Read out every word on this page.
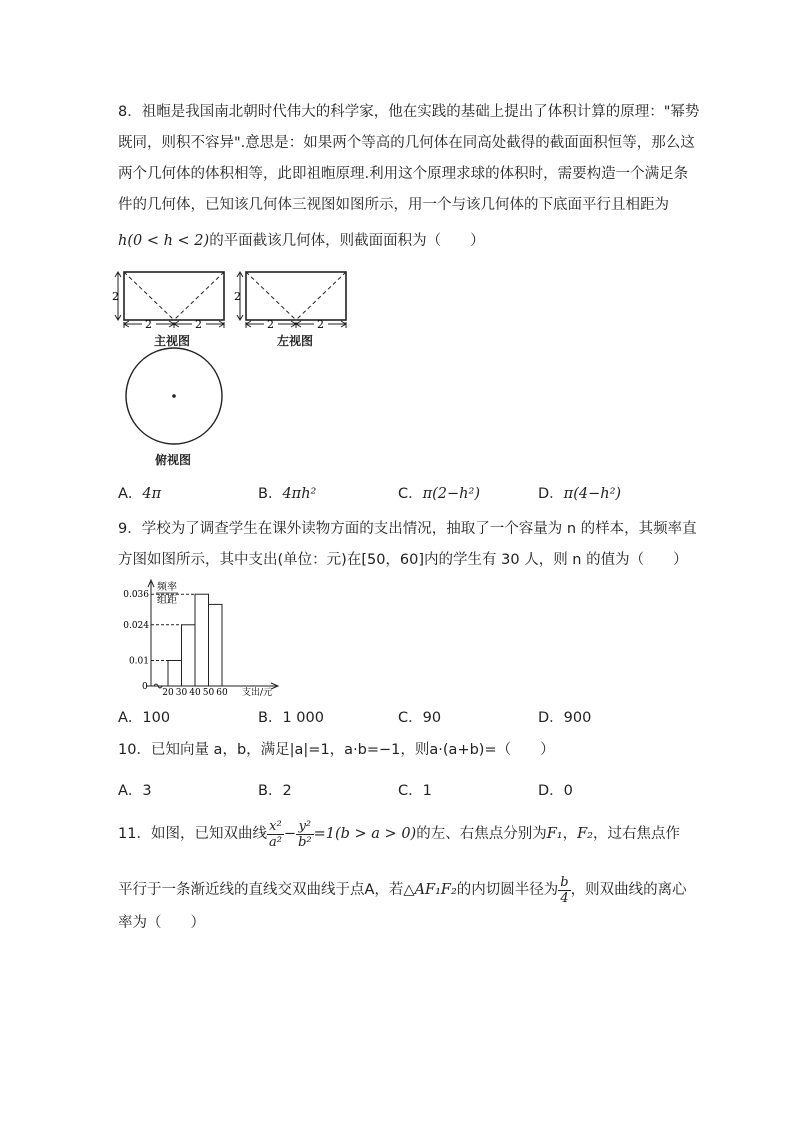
8．祖暅是我国南北朝时代伟大的科学家，他在实践的基础上提出了体积计算的原理："幂势
既同，则积不容异".意思是：如果两个等高的几何体在同高处截得的截面面积恒等，那么这
两个几何体的体积相等，此即祖暅原理.利用这个原理求球的体积时，需要构造一个满足条
件的几何体，已知该几何体三视图如图所示，用一个与该几何体的下底面平行且相距为
h(0 < h < 2)的平面截该几何体，则截面面积为（　　）
2
2	2
2
2	2
主视图	左视图
俯视图
A．4π	B．4πh²	C．π(2−h²)	D．π(4−h²)
9．学校为了调查学生在课外读物方面的支出情况，抽取了一个容量为 n 的样本，其频率直
方图如图所示，其中支出(单位：元)在[50，60]内的学生有 30 人，则 n 的值为（　　）
频率
组距
0
支出/元
0.01
0.024
0.036
20 30 40 50 60
A．100	B．1 000	C．90	D．900
10．已知向量 a，b，满足|a|=1，a·b=−1，则a·(a+b)=（　　）
A．3	B．2	C．1	D．0
11．如图，已知双曲线 $\frac{\text{x²}}{\text{a²}} - \frac{\text{y²}}{\text{b²}} =1(b > a > 0)$的左、右焦点分别为F₁，F₂，过右焦点作
平行于一条渐近线的直线交双曲线于点A，若△AF₁F₂的内切圆半径为 $\frac{b}{4}$ ，则双曲线的离心
率为（　　）
